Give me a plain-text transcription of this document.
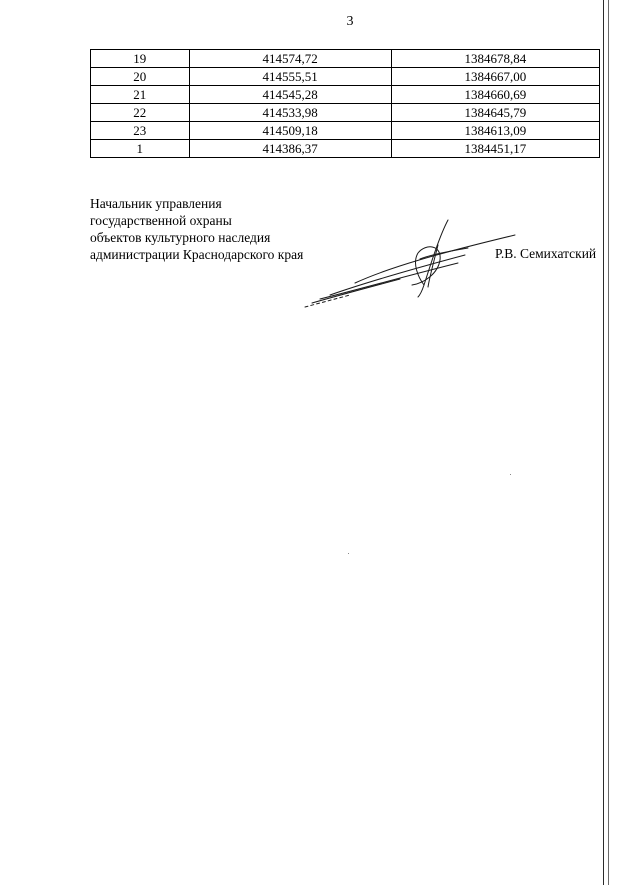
3
19	414574,72	1384678,84
20	414555,51	1384667,00
21	414545,28	1384660,69
22	414533,98	1384645,79
23	414509,18	1384613,09
1	414386,37	1384451,17
Начальник управления
государственной охраны
объектов культурного наследия
администрации Краснодарского края	Р.В. Семихатский
